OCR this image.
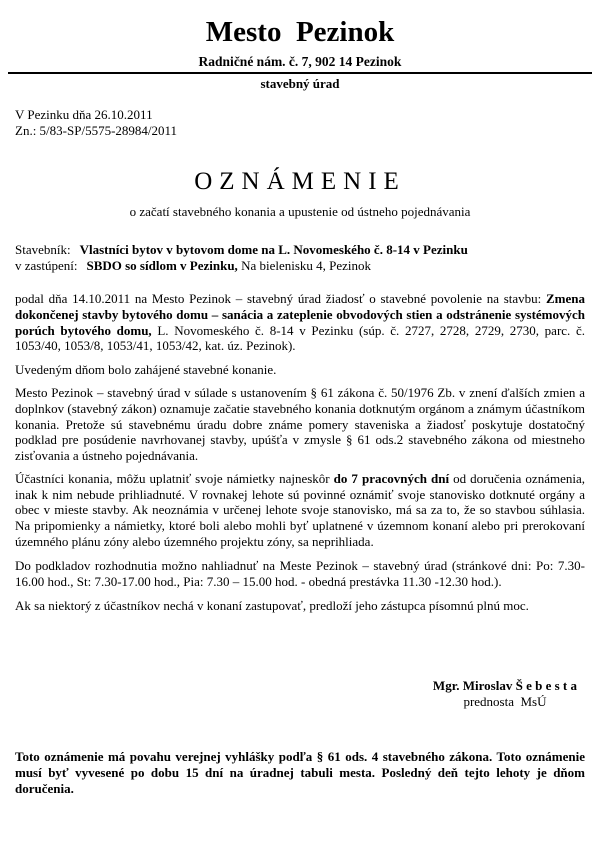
Mesto  Pezinok
Radničné nám. č. 7, 902 14 Pezinok
stavebný úrad
V Pezinku dňa 26.10.2011
Zn.: 5/83-SP/5575-28984/2011
OZNÁMENIE
o začatí stavebného konania a upustenie od ústneho pojednávania
Stavebník: Vlastníci bytov v bytovom dome na L. Novomeského č. 8-14 v Pezinku
v zastúpení: SBDO so sídlom v Pezinku, Na bielenisku 4, Pezinok

podal dňa 14.10.2011 na Mesto Pezinok – stavebný úrad žiadosť o stavebné povolenie na stavbu: Zmena dokončenej stavby bytového domu – sanácia a zateplenie obvodových stien a odstránenie systémových porúch bytového domu, L. Novomeského č. 8-14 v Pezinku (súp. č. 2727, 2728, 2729, 2730, parc. č. 1053/40, 1053/8, 1053/41, 1053/42, kat. úz. Pezinok).

Uvedeným dňom bolo zahájené stavebné konanie.

Mesto Pezinok – stavebný úrad v súlade s ustanovením § 61 zákona č. 50/1976 Zb. v znení ďalších zmien a doplnkov (stavebný zákon) oznamuje začatie stavebného konania dotknutým orgánom a známym účastníkom konania. Pretože sú stavebnému úradu dobre známe pomery staveniska a žiadosť poskytuje dostatočný podklad pre posúdenie navrhovanej stavby, upúšťa v zmysle § 61 ods.2 stavebného zákona od miestneho zisťovania a ústneho pojednávania.

Účastníci konania, môžu uplatniť svoje námietky najneskôr do 7 pracovných dní od doručenia oznámenia, inak k nim nebude prihliadnuté. V rovnakej lehote sú povinné oznámiť svoje stanovisko dotknuté orgány a obec v mieste stavby. Ak neoznámia v určenej lehote svoje stanovisko, má sa za to, že so stavbou súhlasia. Na pripomienky a námietky, ktoré boli alebo mohli byť uplatnené v územnom konaní alebo pri prerokovaní územného plánu zóny alebo územného projektu zóny, sa neprihliada.

Do podkladov rozhodnutia možno nahliadnuť na Meste Pezinok – stavebný úrad (stránkové dni: Po: 7.30-16.00 hod., St: 7.30-17.00 hod., Pia: 7.30 – 15.00 hod. - obedná prestávka 11.30 -12.30 hod.).

Ak sa niektorý z účastníkov nechá v konaní zastupovať, predloží jeho zástupca písomnú plnú moc.

Mgr. Miroslav Š e b e s t a
prednosta  MsÚ

Toto oznámenie má povahu verejnej vyhlášky podľa § 61 ods. 4 stavebného zákona. Toto oznámenie musí byť vyvesené po dobu 15 dní na úradnej tabuli mesta. Posledný deň tejto lehoty je dňom doručenia.
